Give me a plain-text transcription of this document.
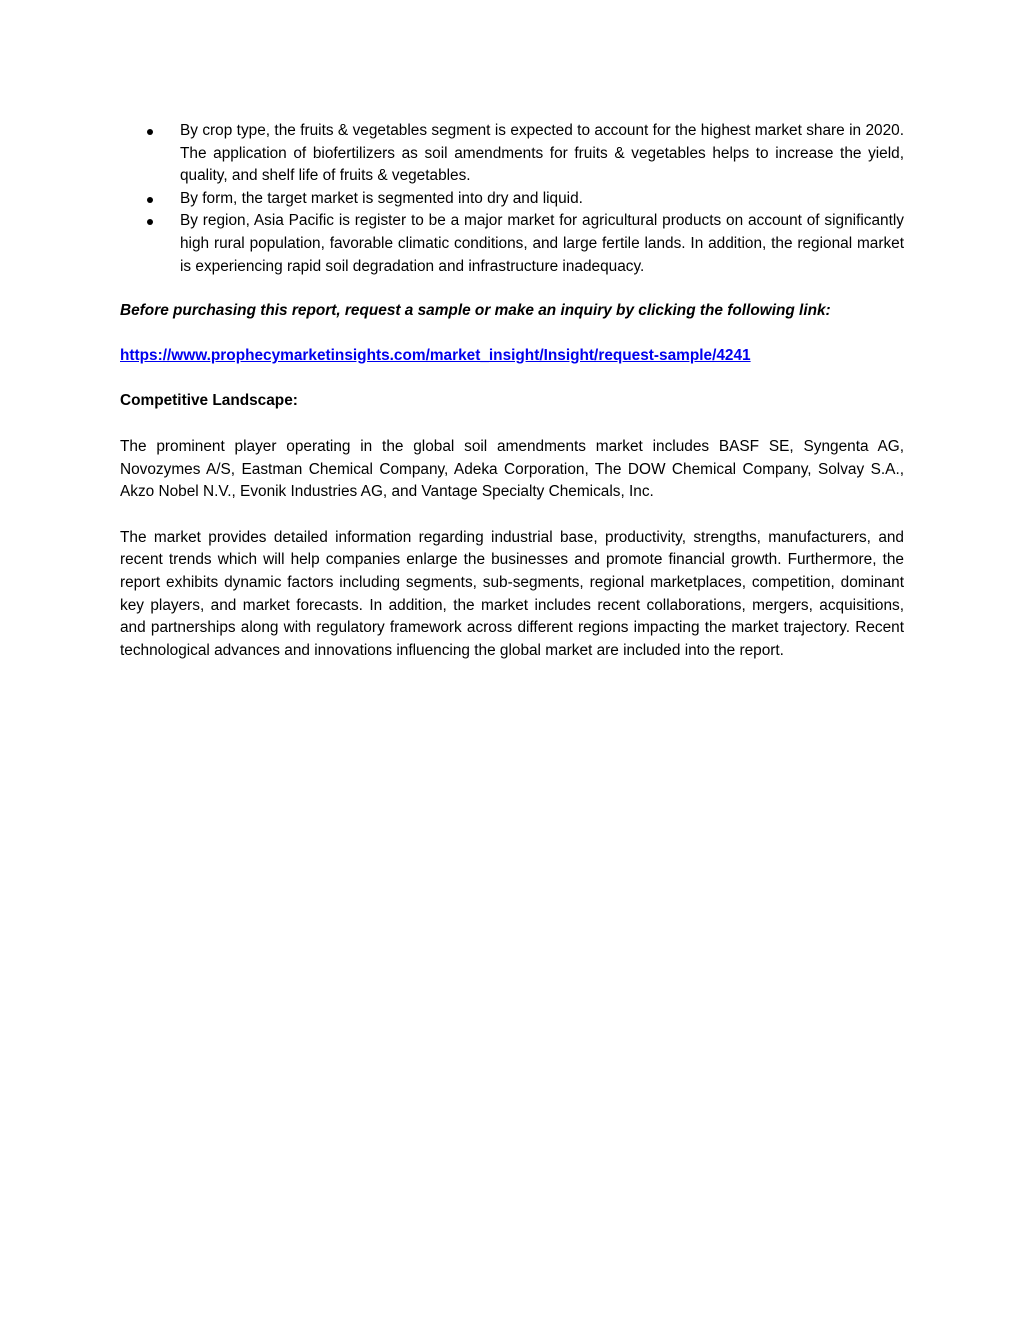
By crop type, the fruits & vegetables segment is expected to account for the highest market share in 2020. The application of biofertilizers as soil amendments for fruits & vegetables helps to increase the yield, quality, and shelf life of fruits & vegetables.
By form, the target market is segmented into dry and liquid.
By region, Asia Pacific is register to be a major market for agricultural products on account of significantly high rural population, favorable climatic conditions, and large fertile lands. In addition, the regional market is experiencing rapid soil degradation and infrastructure inadequacy.

Before purchasing this report, request a sample or make an inquiry by clicking the following link:

https://www.prophecymarketinsights.com/market_insight/Insight/request-sample/4241

Competitive Landscape:

The prominent player operating in the global soil amendments market includes BASF SE, Syngenta AG, Novozymes A/S, Eastman Chemical Company, Adeka Corporation, The DOW Chemical Company, Solvay S.A., Akzo Nobel N.V., Evonik Industries AG, and Vantage Specialty Chemicals, Inc.

The market provides detailed information regarding industrial base, productivity, strengths, manufacturers, and recent trends which will help companies enlarge the businesses and promote financial growth. Furthermore, the report exhibits dynamic factors including segments, sub-segments, regional marketplaces, competition, dominant key players, and market forecasts. In addition, the market includes recent collaborations, mergers, acquisitions, and partnerships along with regulatory framework across different regions impacting the market trajectory. Recent technological advances and innovations influencing the global market are included into the report.
